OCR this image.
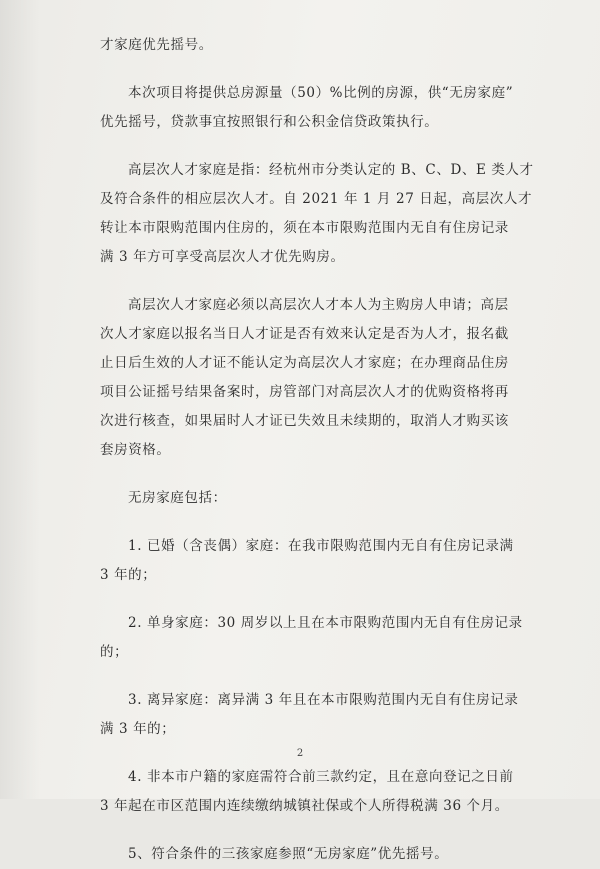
才家庭优先摇号。
本次项目将提供总房源量（50）%比例的房源，供“无房家庭”
优先摇号，贷款事宜按照银行和公积金信贷政策执行。
高层次人才家庭是指：经杭州市分类认定的 B、C、D、E 类人才
及符合条件的相应层次人才。自 2021 年 1 月 27 日起，高层次人才
转让本市限购范围内住房的，须在本市限购范围内无自有住房记录
满 3 年方可享受高层次人才优先购房。
高层次人才家庭必须以高层次人才本人为主购房人申请；高层
次人才家庭以报名当日人才证是否有效来认定是否为人才，报名截
止日后生效的人才证不能认定为高层次人才家庭；在办理商品住房
项目公证摇号结果备案时，房管部门对高层次人才的优购资格将再
次进行核查，如果届时人才证已失效且未续期的，取消人才购买该
套房资格。
无房家庭包括：
1. 已婚（含丧偶）家庭：在我市限购范围内无自有住房记录满
3 年的；
2. 单身家庭：30 周岁以上且在本市限购范围内无自有住房记录
的；
3. 离异家庭：离异满 3 年且在本市限购范围内无自有住房记录
满 3 年的；
4. 非本市户籍的家庭需符合前三款约定，且在意向登记之日前
3 年起在市区范围内连续缴纳城镇社保或个人所得税满 36 个月。
5、符合条件的三孩家庭参照“无房家庭”优先摇号。
2
